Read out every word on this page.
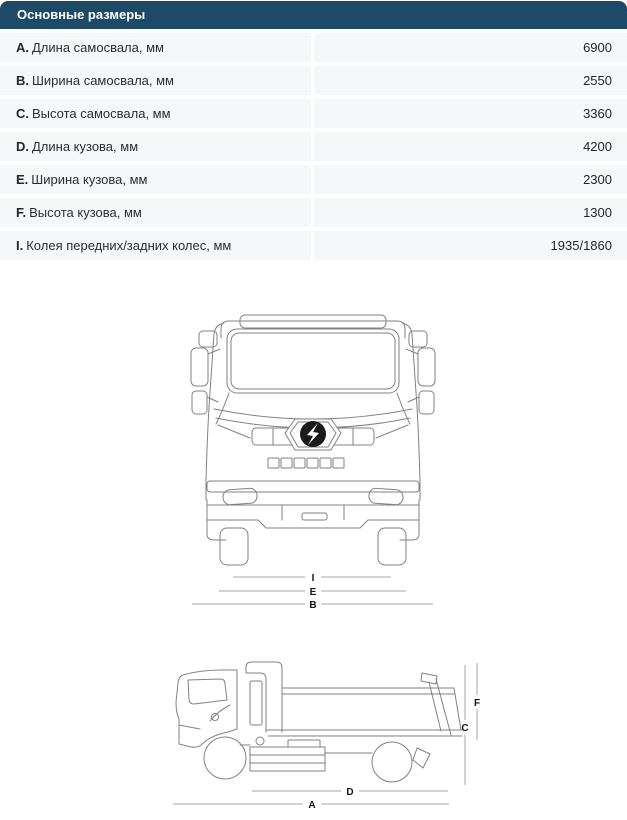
Основные размеры
A. Длина самосвала, мм	6900
B. Ширина самосвала, мм	2550
C. Высота самосвала, мм	3360
D. Длина кузова, мм	4200
E. Ширина кузова, мм	2300
F. Высота кузова, мм	1300
I. Колея передних/задних колес, мм	1935/1860
I
E
B
C
F
D
A
